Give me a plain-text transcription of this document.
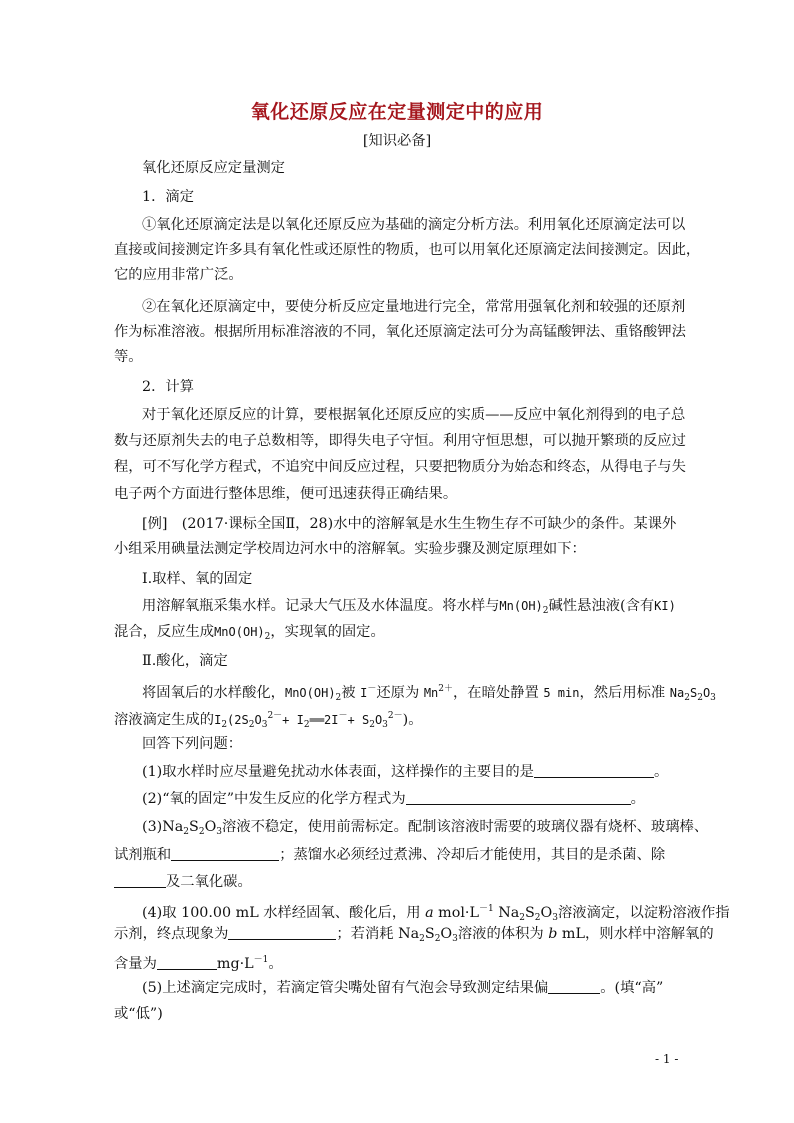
氧化还原反应在定量测定中的应用
[知识必备]
氧化还原反应定量测定
1．滴定
①氧化还原滴定法是以氧化还原反应为基础的滴定分析方法。利用氧化还原滴定法可以
直接或间接测定许多具有氧化性或还原性的物质，也可以用氧化还原滴定法间接测定。因此，
它的应用非常广泛。
②在氧化还原滴定中，要使分析反应定量地进行完全，常常用强氧化剂和较强的还原剂
作为标准溶液。根据所用标准溶液的不同，氧化还原滴定法可分为高锰酸钾法、重铬酸钾法
等。
2．计算
对于氧化还原反应的计算，要根据氧化还原反应的实质——反应中氧化剂得到的电子总
数与还原剂失去的电子总数相等，即得失电子守恒。利用守恒思想，可以抛开繁琐的反应过
程，可不写化学方程式，不追究中间反应过程，只要把物质分为始态和终态，从得电子与失
电子两个方面进行整体思维，便可迅速获得正确结果。
[例]　(2017·课标全国Ⅱ，28)水中的溶解氧是水生生物生存不可缺少的条件。某课外
小组采用碘量法测定学校周边河水中的溶解氧。实验步骤及测定原理如下：
Ⅰ.取样、氧的固定
用溶解氧瓶采集水样。记录大气压及水体温度。将水样与$Mn(OH)_2$碱性悬浊液(含有KI)
混合，反应生成$MnO(OH)_2$，实现氧的固定。
Ⅱ.酸化，滴定
将固氧后的水样酸化，$MnO(OH)_2$被 I－还原为 $Mn^{2+}$，在暗处静置 5 min，然后用标准 $Na_2S_2O_3$
溶液滴定生成的$I_2(2S_2O_3^{2-}+$ $I_2══2I^-+ S_2O_3^{2-}$)。
回答下列问题：
(1)取水样时应尽量避免扰动水体表面，这样操作的主要目的是	。
(2)“氧的固定”中发生反应的化学方程式为	。
$(3)Na_2S_2O_3$溶液不稳定，使用前需标定。配制该溶液时需要的玻璃仪器有烧杯、玻璃棒、
试剂瓶和	；蒸馏水必须经过煮沸、冷却后才能使用，其目的是杀菌、除
及二氧化碳。
(4)取 100.00 mL 水样经固氧、酸化后，用 a $mol\cdot L^{-1}$ $Na_2S_2O_3$溶液滴定，以淀粉溶液作指
示剂，终点现象为	；若消耗 $Na_2S_2O_3$溶液的体积为 b mL，则水样中溶解氧的
含量为	$mg\cdot L^{-1}$。
(5)上述滴定完成时，若滴定管尖嘴处留有气泡会导致测定结果偏	。(填“高”
或“低”)
- 1 -
